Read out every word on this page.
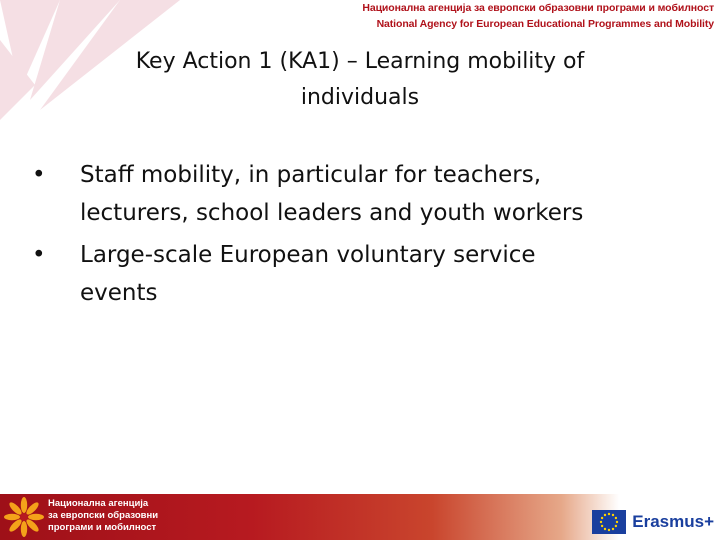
Национална агенција за европски образовни програми и мобилност
National Agency for European Educational Programmes and Mobility
Key Action 1 (KA1) – Learning mobility of
individuals
• Staff mobility, in particular for teachers,
lecturers, school leaders and youth workers
• Large-scale European voluntary service
events
Национална агенција
за европски образовни
програми и мобилност	Erasmus+
